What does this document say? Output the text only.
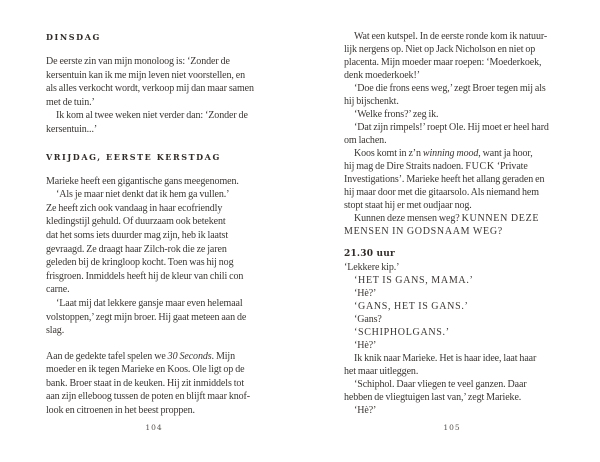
DINSDAG
De eerste zin van mijn monoloog is: ‘Zonder de
kersentuin kan ik me mijn leven niet voorstellen, en
als alles verkocht wordt, verkoop mij dan maar samen
met de tuin.’
Ik kom al twee weken niet verder dan: ‘Zonder de
kersentuin...’
VRIJDAG, EERSTE KERSTDAG
Marieke heeft een gigantische gans meegenomen.
‘Als je maar niet denkt dat ik hem ga vullen.’
Ze heeft zich ook vandaag in haar ecofriendly
kledingstijl gehuld. Of duurzaam ook betekent
dat het soms iets duurder mag zijn, heb ik laatst
gevraagd. Ze draagt haar Zilch-rok die ze jaren
geleden bij de kringloop kocht. Toen was hij nog
frisgroen. Inmiddels heeft hij de kleur van chili con
carne.
‘Laat mij dat lekkere gansje maar even helemaal
volstoppen,’ zegt mijn broer. Hij gaat meteen aan de
slag.
Aan de gedekte tafel spelen we 30 Seconds. Mijn
moeder en ik tegen Marieke en Koos. Ole ligt op de
bank. Broer staat in de keuken. Hij zit inmiddels tot
aan zijn elleboog tussen de poten en blijft maar knof-
look en citroenen in het beest proppen.
104
Wat een kutspel. In de eerste ronde kom ik natuur-
lijk nergens op. Niet op Jack Nicholson en niet op
placenta. Mijn moeder maar roepen: ‘Moederkoek,
denk moederkoek!’
‘Doe die frons eens weg,’ zegt Broer tegen mij als
hij bijschenkt.
‘Welke frons?’ zeg ik.
‘Dat zijn rimpels!’ roept Ole. Hij moet er heel hard
om lachen.
Koos komt in z’n winning mood, want ja hoor,
hij mag de Dire Straits nadoen. FUCK ‘Private
Investigations’. Marieke heeft het allang geraden en
hij maar door met die gitaarsolo. Als niemand hem
stopt staat hij er met oudjaar nog.
Kunnen deze mensen weg? KUNNEN DEZE
MENSEN IN GODSNAAM WEG?
21.30 uur
‘Lekkere kip.’
‘HET IS GANS, MAMA.’
‘Hè?’
‘GANS, HET IS GANS.’
‘Gans?
‘SCHIPHOLGANS.’
‘Hè?’
Ik knik naar Marieke. Het is haar idee, laat haar
het maar uitleggen.
‘Schiphol. Daar vliegen te veel ganzen. Daar
hebben de vliegtuigen last van,’ zegt Marieke.
‘Hè?’
105
